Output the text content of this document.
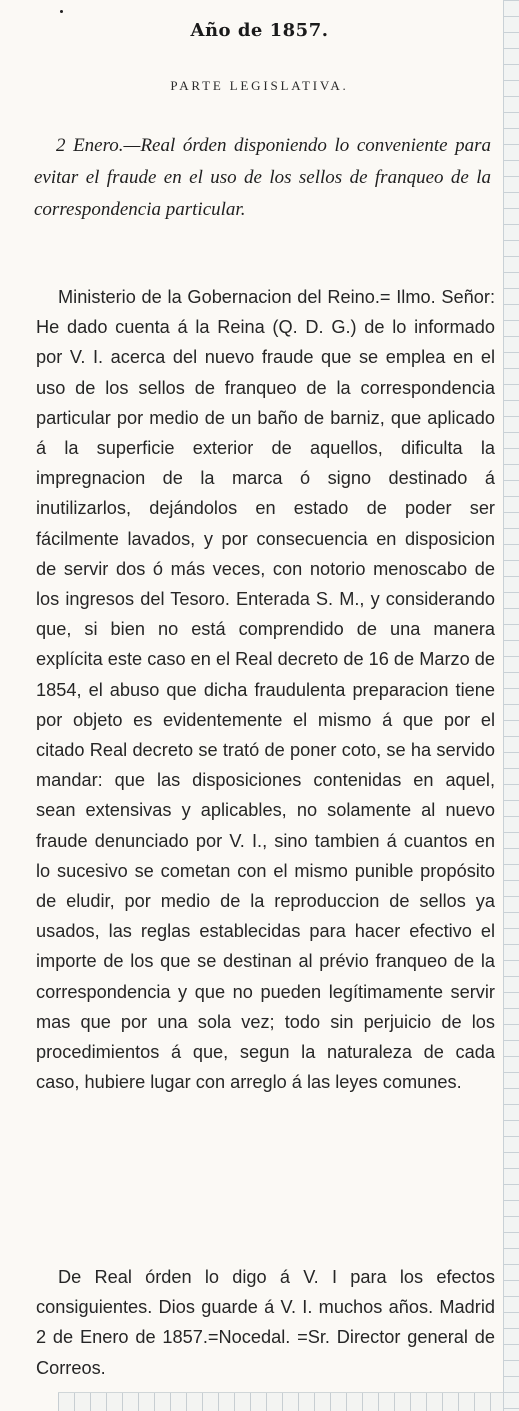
Año de 1857.
PARTE LEGISLATIVA.

2 Enero.—Real órden disponiendo lo conveniente para evitar el fraude en el uso de los sellos de franqueo de la correspondencia particular.

Ministerio de la Gobernacion del Reino.= Ilmo. Señor: He dado cuenta á la Reina (Q. D. G.) de lo informado por V. I. acerca del nuevo fraude que se emplea en el uso de los sellos de franqueo de la correspondencia particular por medio de un baño de barniz, que aplicado á la superficie exterior de aquellos, dificulta la impregnacion de la marca ó signo destinado á inutilizarlos, dejándolos en estado de poder ser fácilmente lavados, y por consecuencia en disposicion de servir dos ó más veces, con notorio menoscabo de los ingresos del Tesoro. Enterada S. M., y considerando que, si bien no está comprendido de una manera explícita este caso en el Real decreto de 16 de Marzo de 1854, el abuso que dicha fraudulenta preparacion tiene por objeto es evidentemente el mismo á que por el citado Real decreto se trató de poner coto, se ha servido mandar: que las disposiciones contenidas en aquel, sean extensivas y aplicables, no solamente al nuevo fraude denunciado por V. I., sino tambien á cuantos en lo sucesivo se cometan con el mismo punible propósito de eludir, por medio de la reproduccion de sellos ya usados, las reglas establecidas para hacer efectivo el importe de los que se destinan al prévio franqueo de la correspondencia y que no pueden legítimamente servir mas que por una sola vez; todo sin perjuicio de los procedimientos á que, segun la naturaleza de cada caso, hubiere lugar con arreglo á las leyes comunes.

De Real órden lo digo á V. I para los efectos consiguientes. Dios guarde á V. I. muchos años. Madrid 2 de Enero de 1857.=Nocedal. =Sr. Director general de Correos.
